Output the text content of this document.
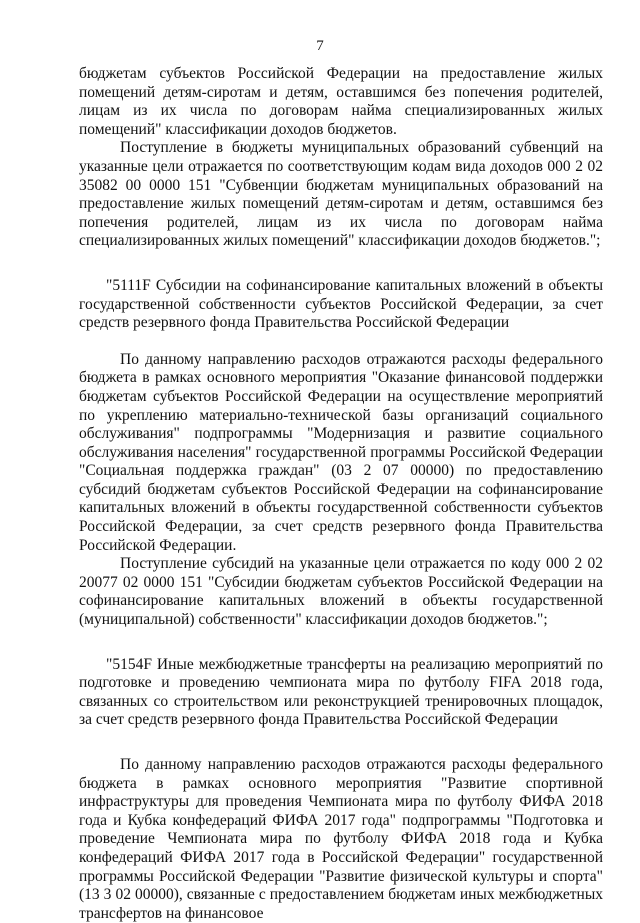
7

бюджетам субъектов Российской Федерации на предоставление жилых помещений детям-сиротам и детям, оставшимся без попечения родителей, лицам из их числа по договорам найма специализированных жилых помещений" классификации доходов бюджетов.

Поступление в бюджеты муниципальных образований субвенций на указанные цели отражается по соответствующим кодам вида доходов 000 2 02 35082 00 0000 151 "Субвенции бюджетам муниципальных образований на предоставление жилых помещений детям-сиротам и детям, оставшимся без попечения родителей, лицам из их числа по договорам найма специализированных жилых помещений" классификации доходов бюджетов.";

"5111F Субсидии на софинансирование капитальных вложений в объекты государственной собственности субъектов Российской Федерации, за счет средств резервного фонда Правительства Российской Федерации

По данному направлению расходов отражаются расходы федерального бюджета в рамках основного мероприятия "Оказание финансовой поддержки бюджетам субъектов Российской Федерации на осуществление мероприятий по укреплению материально-технической базы организаций социального обслуживания" подпрограммы "Модернизация и развитие социального обслуживания населения" государственной программы Российской Федерации "Социальная поддержка граждан" (03 2 07 00000) по предоставлению субсидий бюджетам субъектов Российской Федерации на софинансирование капитальных вложений в объекты государственной собственности субъектов Российской Федерации, за счет средств резервного фонда Правительства Российской Федерации.

Поступление субсидий на указанные цели отражается по коду 000 2 02 20077 02 0000 151 "Субсидии бюджетам субъектов Российской Федерации на софинансирование капитальных вложений в объекты государственной (муниципальной) собственности" классификации доходов бюджетов.";

"5154F Иные межбюджетные трансферты на реализацию мероприятий по подготовке и проведению чемпионата мира по футболу FIFA 2018 года, связанных со строительством или реконструкцией тренировочных площадок, за счет средств резервного фонда Правительства Российской Федерации

По данному направлению расходов отражаются расходы федерального бюджета в рамках основного мероприятия "Развитие спортивной инфраструктуры для проведения Чемпионата мира по футболу ФИФА 2018 года и Кубка конфедераций ФИФА 2017 года" подпрограммы "Подготовка и проведение Чемпионата мира по футболу ФИФА 2018 года и Кубка конфедераций ФИФА 2017 года в Российской Федерации" государственной программы Российской Федерации "Развитие физической культуры и спорта" (13 3 02 00000), связанные с предоставлением бюджетам иных межбюджетных трансфертов на финансовое
